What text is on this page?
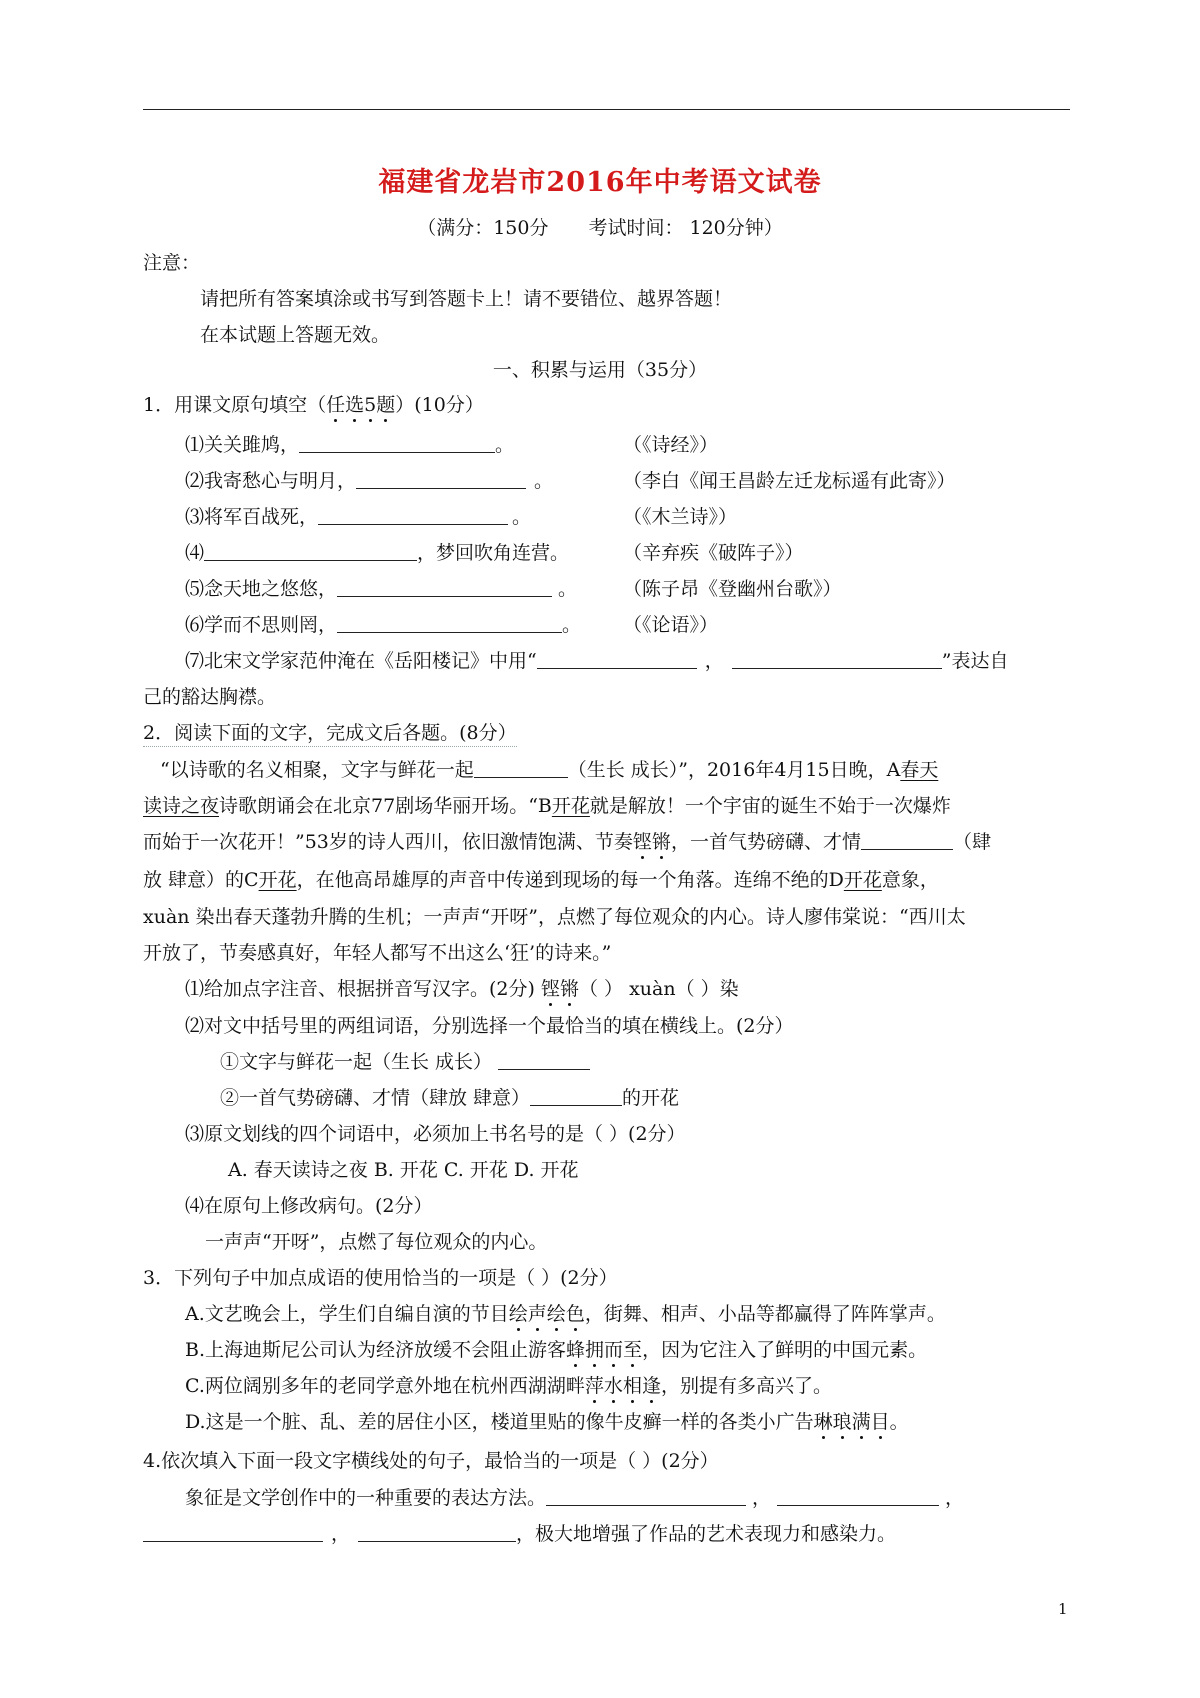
福建省龙岩市2016年中考语文试卷
（满分：150分 考试时间： 120分钟）
注意：
请把所有答案填涂或书写到答题卡上！请不要错位、越界答题！
在本试题上答题无效。
一、积累与运用（35分）
1．用课文原句填空（任选5题）(10分）
⑴关关雎鸠，	。	（《诗经》）
⑵我寄愁心与明月，	。	（李白《闻王昌龄左迁龙标遥有此寄》）
⑶将军百战死，	。	（《木兰诗》）
⑷	，梦回吹角连营。	（辛弃疾《破阵子》）
⑸念天地之悠悠，	。 （陈子昂《登幽州台歌》）
⑹学而不思则罔，	。 （《论语》）
⑺北宋文学家范仲淹在《岳阳楼记》中用“	，	”表达自
己的豁达胸襟。
2．阅读下面的文字，完成文后各题。(8分）
“以诗歌的名义相聚，文字与鲜花一起	（生长 成长）”，2016年4月15日晚，A春天
读诗之夜诗歌朗诵会在北京77剧场华丽开场。“B开花就是解放！一个宇宙的诞生不始于一次爆炸
而始于一次花开！”53岁的诗人西川，依旧激情饱满、节奏铿锵，一首气势磅礴、才情	（肆
放 肆意）的C开花，在他高昂雄厚的声音中传递到现场的每一个角落。连绵不绝的D开花意象，
xuàn 染出春天蓬勃升腾的生机；一声声“开呀”，点燃了每位观众的内心。诗人廖伟棠说：“西川太
开放了，节奏感真好，年轻人都写不出这么‘狂’的诗来。”
⑴给加点字注音、根据拼音写汉字。(2分) 铿锵（ ） xuàn（ ）染
⑵对文中括号里的两组词语，分别选择一个最恰当的填在横线上。(2分）
①文字与鲜花一起（生长 成长）
②一首气势磅礴、才情（肆放 肆意）	的开花
⑶原文划线的四个词语中，必须加上书名号的是（ ）(2分）
A. 春天读诗之夜 B. 开花 C. 开花 D. 开花
⑷在原句上修改病句。(2分）
一声声“开呀”，点燃了每位观众的内心。
3．下列句子中加点成语的使用恰当的一项是（ ）(2分）
A.文艺晚会上，学生们自编自演的节目绘声绘色，街舞、相声、小品等都赢得了阵阵掌声。
B.上海迪斯尼公司认为经济放缓不会阻止游客蜂拥而至，因为它注入了鲜明的中国元素。
C.两位阔别多年的老同学意外地在杭州西湖湖畔萍水相逢，别提有多高兴了。
D.这是一个脏、乱、差的居住小区，楼道里贴的像牛皮癣一样的各类小广告琳琅满目。
4.依次填入下面一段文字横线处的句子，最恰当的一项是（ ）(2分）
象征是文学创作中的一种重要的表达方法。	，	，
，	，极大地增强了作品的艺术表现力和感染力。
1
